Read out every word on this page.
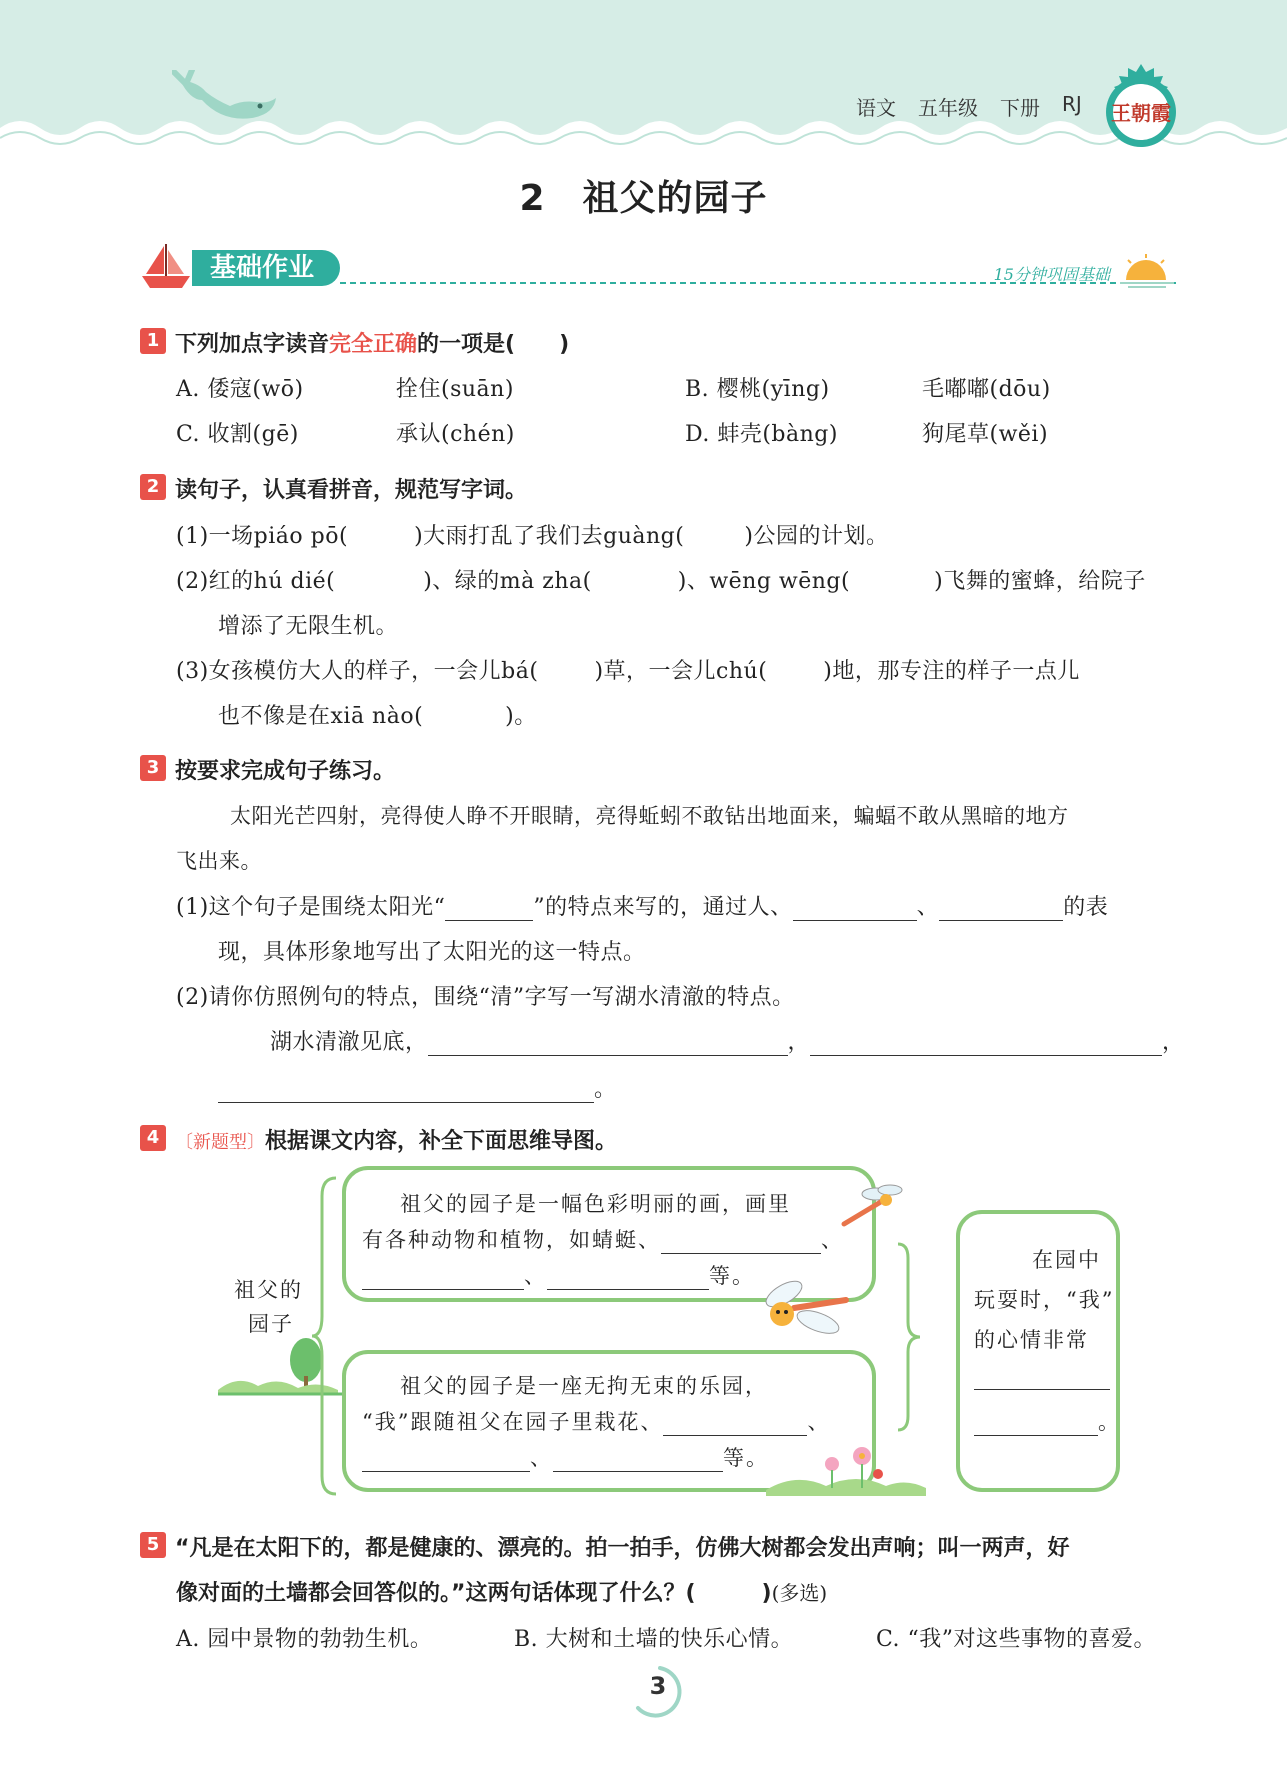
语文 五年级 下册 RJ 王朝霞
2　祖父的园子
基础作业	15分钟巩固基础
1 下列加点字读音完全正确的一项是(　　)
A. 倭寇(wō)	拴住(suān)	B. 樱桃(yīng)	毛嘟嘟(dōu)
C. 收割(gē)	承认(chén)	D. 蚌壳(bàng)	狗尾草(wěi)
2 读句子，认真看拼音，规范写字词。
(1)一场piáo pō(	)大雨打乱了我们去guàng(	)公园的计划。
(2)红的hú dié(	)、绿的mà zha(	)、wēng wēng(	)飞舞的蜜蜂，给院子
增添了无限生机。
(3)女孩模仿大人的样子，一会儿bá(	)草，一会儿chú(	)地，那专注的样子一点儿
也不像是在xiā nào(	)。
3 按要求完成句子练习。
太阳光芒四射，亮得使人睁不开眼睛，亮得蚯蚓不敢钻出地面来，蝙蝠不敢从黑暗的地方
飞出来。
(1)这个句子是围绕太阳光“	”的特点来写的，通过人、	、	的表
现，具体形象地写出了太阳光的这一特点。
(2)请你仿照例句的特点，围绕“清”字写一写湖水清澈的特点。
湖水清澈见底，	，	，
。
4 〔新题型〕根据课文内容，补全下面思维导图。
祖父的
园子
祖父的园子是一幅色彩明丽的画，画里
有各种动物和植物，如蜻蜓、	、
、	等。
祖父的园子是一座无拘无束的乐园，
“我”跟随祖父在园子里栽花、	、
、	等。
在园中
玩耍时，“我”
的心情非常
。
5 “凡是在太阳下的，都是健康的、漂亮的。拍一拍手，仿佛大树都会发出声响；叫一两声，好
像对面的土墙都会回答似的。”这两句话体现了什么？(　　　)(多选)
A. 园中景物的勃勃生机。	B. 大树和土墙的快乐心情。	C. “我”对这些事物的喜爱。
3
